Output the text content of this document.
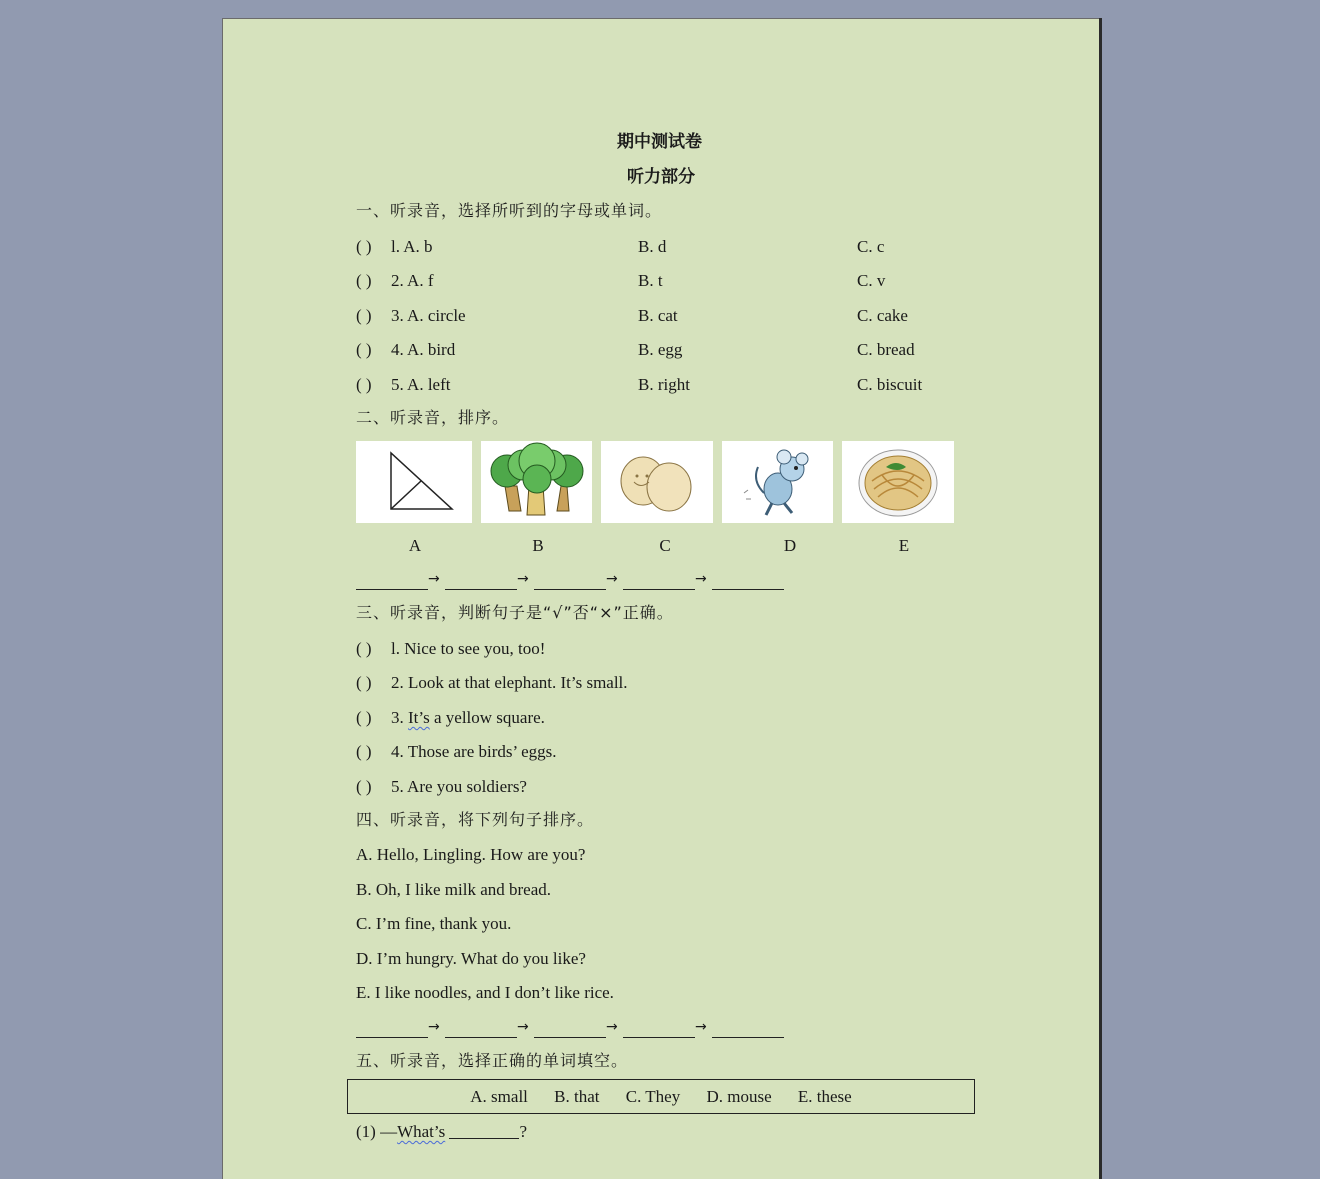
期中测试卷
听力部分
一、听录音，选择所听到的字母或单词。
( ) l. A. b	B. d	C. c
( ) 2. A. f	B. t	C. v
( ) 3. A. circle	B. cat	C. cake
( ) 4. A. bird	B. egg	C. bread
( ) 5. A. left	B. right	C. biscuit
二、听录音，排序。
A	B	C	D	E
→	→	→	→
三、听录音，判断句子是“√”否“×”正确。
( ) l. Nice to see you, too!
( ) 2. Look at that elephant. It’s small.
( ) 3. It’s a yellow square.
( ) 4. Those are birds’ eggs.
( ) 5. Are you soldiers?
四、听录音，将下列句子排序。
A. Hello, Lingling. How are you?
B. Oh, I like milk and bread.
C. I’m fine, thank you.
D. I’m hungry. What do you like?
E. I like noodles, and I don’t like rice.
→	→	→	→
五、听录音，选择正确的单词填空。
A. small B. that C. They D. mouse E. these
(1) —What’s	?
